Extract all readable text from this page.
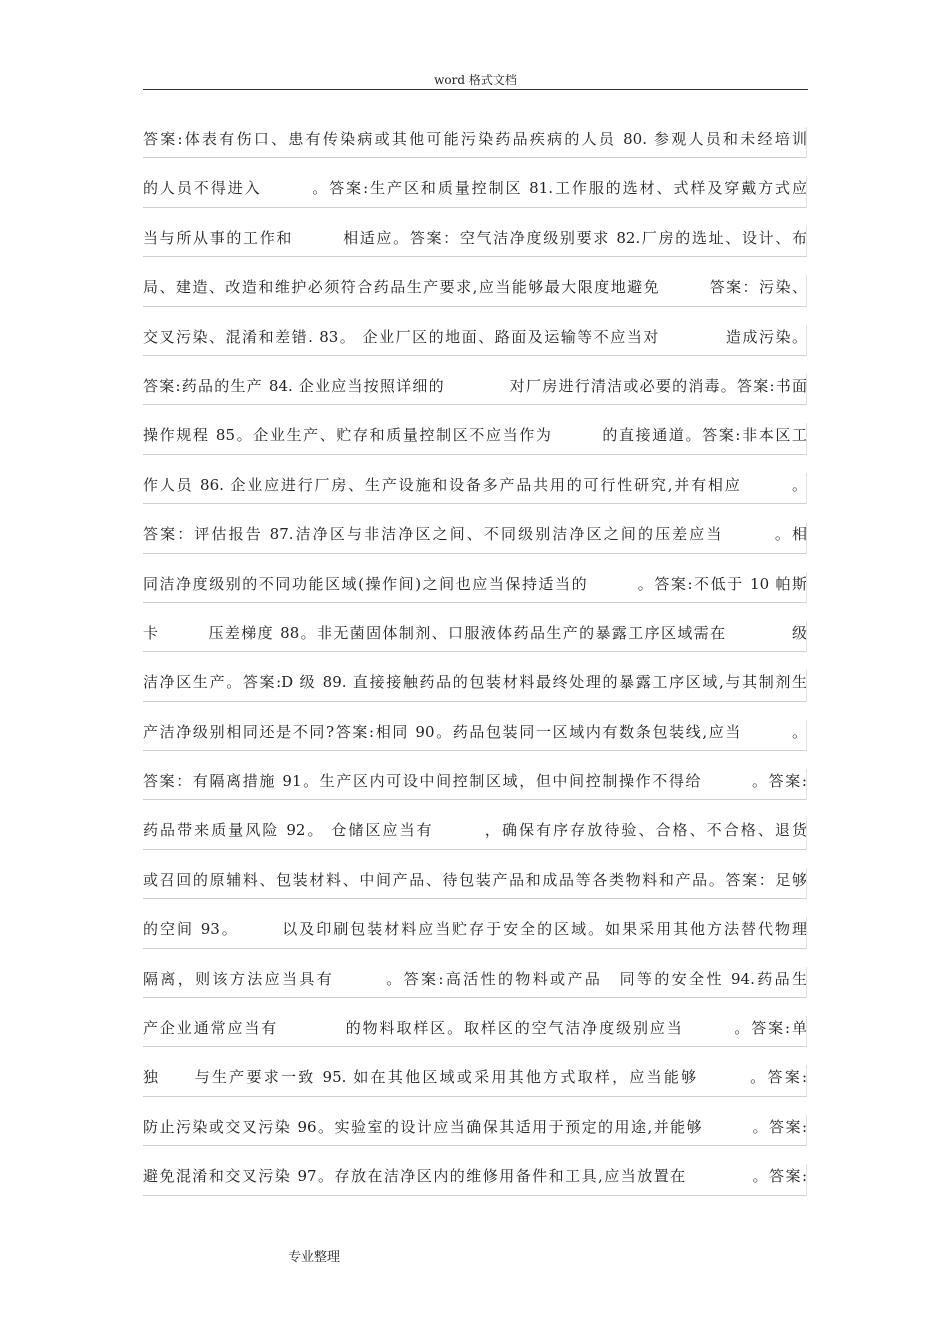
word 格式文档
答案:体表有伤口、患有传染病或其他可能污染药品疾病的人员 80. 参观人员和未经培训
的人员不得进入　　　。答案:生产区和质量控制区 81.工作服的选材、式样及穿戴方式应
当与所从事的工作和　　　相适应。答案：空气洁净度级别要求 82.厂房的选址、设计、布
局、建造、改造和维护必须符合药品生产要求,应当能够最大限度地避免　　　答案：污染、
交叉污染、混淆和差错. 83。 企业厂区的地面、路面及运输等不应当对　　　　造成污染。
答案:药品的生产 84. 企业应当按照详细的　　　　对厂房进行清洁或必要的消毒。答案:书面
操作规程 85。企业生产、贮存和质量控制区不应当作为　　　的直接通道。答案:非本区工
作人员 86. 企业应进行厂房、生产设施和设备多产品共用的可行性研究,并有相应　　　。
答案：评估报告 87.洁净区与非洁净区之间、不同级别洁净区之间的压差应当　　　。相
同洁净度级别的不同功能区域(操作间)之间也应当保持适当的　　　。答案:不低于 10 帕斯
卡　　　压差梯度 88。非无菌固体制剂、口服液体药品生产的暴露工序区域需在　　　　级
洁净区生产。答案:D 级 89. 直接接触药品的包装材料最终处理的暴露工序区域,与其制剂生
产洁净级别相同还是不同?答案:相同 90。药品包装同一区域内有数条包装线,应当　　　。
答案：有隔离措施 91。生产区内可设中间控制区域，但中间控制操作不得给　　　。答案:
药品带来质量风险 92。 仓储区应当有　　　，确保有序存放待验、合格、不合格、退货
或召回的原辅料、包装材料、中间产品、待包装产品和成品等各类物料和产品。答案：足够
的空间 93。　　　以及印刷包装材料应当贮存于安全的区域。如果采用其他方法替代物理
隔离，则该方法应当具有　　　。答案:高活性的物料或产品　同等的安全性 94.药品生
产企业通常应当有　　　　的物料取样区。取样区的空气洁净度级别应当　　　。答案:单
独　　与生产要求一致 95. 如在其他区域或采用其他方式取样，应当能够　　　。答案:
防止污染或交叉污染 96。实验室的设计应当确保其适用于预定的用途,并能够　　　。答案:
避免混淆和交叉污染 97。存放在洁净区内的维修用备件和工具,应当放置在　　　　。答案:
专业整理
